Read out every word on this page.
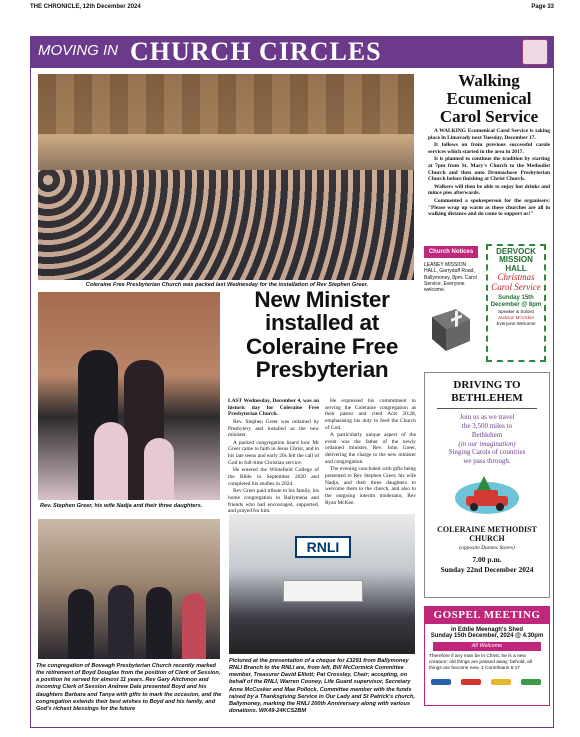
THE CHRONICLE, 12th December 2024	Page 33
MOVING IN CHURCH CIRCLES
Coleraine Free Presbyterian Church was packed last Wednesday for the installation of Rev Stephen Greer.
Walking Ecumenical Carol Service

A WALKING Ecumenical Carol Service is taking place in Limavady next Tuesday, December 17.

It follows on from previous successful carole services which started in the area in 2017.

It is planned to continue the tradition by starting at 7pm from St. Mary's Church to the Methodist Church and then onto Drumachose Presbyterian Church before finishing at Christ Church.

Walkers will then be able to enjoy hot drinks and mince pies afterwards.

Commented a spokesperson for the organisers: "Please wrap up warm as these churches are all in walking distance and do come to support us!"

Church Notices
LEANEY MISSION HALL, Garryduff Road, Ballymoney, 8pm. Carol Service. Everyone welcome.
DERVOCK MISSION HALL
Christmas
Carol Service
Sunday 15th December @ 8pm
Speaker & Soloist
Jackson McVicker
Everyone Welcome
Rev. Stephen Greer, his wife Nadja and their three daughters.
New Minister installed at Coleraine Free Presbyterian

LAST Wednesday, December 4, was an historic day for Coleraine Free Presbyterian Church.

Rev. Stephen Greer was ordained by Presbytery and installed as the new minister.

A packed congregation heard how Mr Greer came to faith in Jesus Christ, and in his late teens and early 20s felt the call of God to full-time Christian service.

He entered the Whitefield College of the Bible in September 2020 and completed his studies in 2024.

Rev Greer paid tribute to his family, his home congregation in Ballymena and friends who had encouraged, supported, and prayed for him.

He expressed his commitment to serving the Coleraine congregation as their pastor and cited Acts 20:28, emphasising his duty to feed the Church of God.

A particularly unique aspect of the event was the father of the newly ordained minister, Rev. John Greer, delivering the charge to the new minister and congregation.

The evening concluded with gifts being presented to Rev Stephen Greer, his wife Nadja, and their three daughters to welcome them to the church, and also to the outgoing interim moderator, Rev Ryan McKee.

The congregation of Boveagh Presbyterian Church recently marked the retirement of Boyd Douglas from the position of Clerk of Session, a position he served for almost 11 years. Rev Gary Aitchmon and incoming Clerk of Session Andrew Dale presented Boyd and his daughters Barbara and Tanya with gifts to mark the occasion, and the congregation extends their best wishes to Boyd and his family, and God's richest blessings for the future
RNLI
Pictured at the presentation of a cheque for £3291 from Ballymoney RNLI Branch to the RNLI are, from left, Bill McCormick Committee member, Treasurer David Elliott; Pat Crossley, Chair; accepting, on behalf of the RNLI, Warren Cooney, Life Guard supervisor, Secretary Anne McCusker and Mae Pollock, Committee member with the funds raised by a Thanksgiving Service in Our Lady and St Patrick's church, Ballymoney, marking the RNLI 200th Anniversary along with various donations. WK49-24KCS2BM
DRIVING TO BETHLEHEM
Join us as we travel
the 3,500 miles to
Bethlehem
(in our imagination)
Singing Carols of countries
we pass through.
COLERAINE METHODIST CHURCH
(opposite Dunnes Stores)
7.00 p.m.
Sunday 22nd December 2024
GOSPEL MEETING
in Eddie Meenagh's Shed
Sunday 15th December, 2024 @ 4.30pm
All Welcome
Therefore if any man be in Christ, he is a new creature: old things are passed away; behold, all things are become new. 2 Corinthians 5:17
